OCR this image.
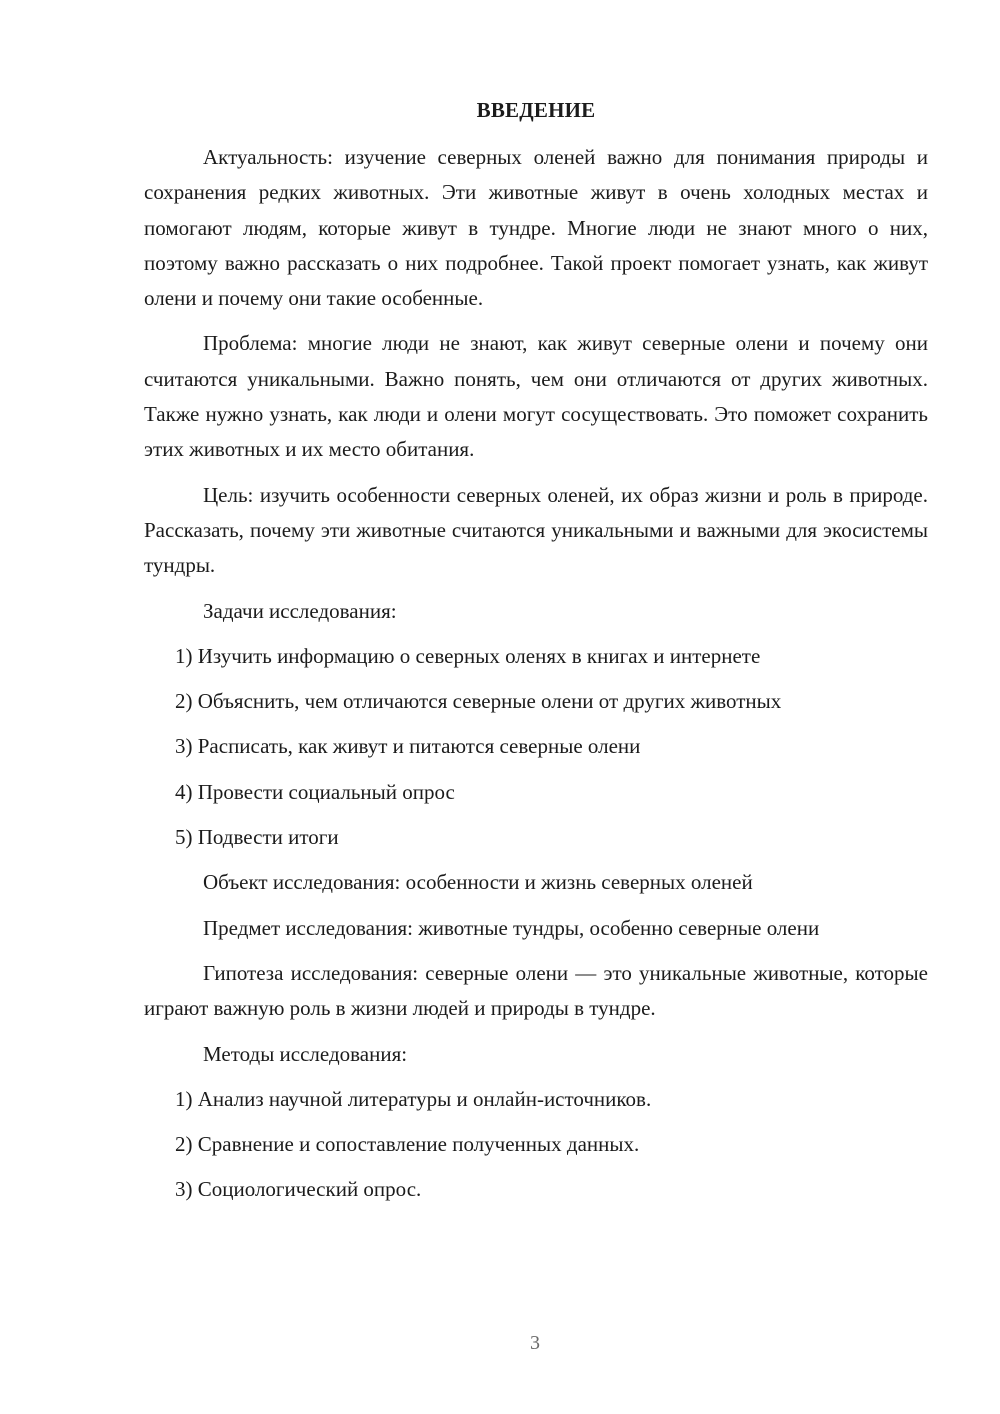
ВВЕДЕНИЕ

Актуальность: изучение северных оленей важно для понимания природы и сохранения редких животных. Эти животные живут в очень холодных местах и помогают людям, которые живут в тундре. Многие люди не знают много о них, поэтому важно рассказать о них подробнее. Такой проект помогает узнать, как живут олени и почему они такие особенные.

Проблема: многие люди не знают, как живут северные олени и почему они считаются уникальными. Важно понять, чем они отличаются от других животных. Также нужно узнать, как люди и олени могут сосуществовать. Это поможет сохранить этих животных и их место обитания.

Цель: изучить особенности северных оленей, их образ жизни и роль в природе. Рассказать, почему эти животные считаются уникальными и важными для экосистемы тундры.

Задачи исследования:

1) Изучить информацию о северных оленях в книгах и интернете

2) Объяснить, чем отличаются северные олени от других животных

3) Расписать, как живут и питаются северные олени

4) Провести социальный опрос

5) Подвести итоги

Объект исследования: особенности и жизнь северных оленей

Предмет исследования: животные тундры, особенно северные олени

Гипотеза исследования: северные олени — это уникальные животные, которые играют важную роль в жизни людей и природы в тундре.

Методы исследования:

1) Анализ научной литературы и онлайн-источников.

2) Сравнение и сопоставление полученных данных.

3) Социологический опрос.

3
